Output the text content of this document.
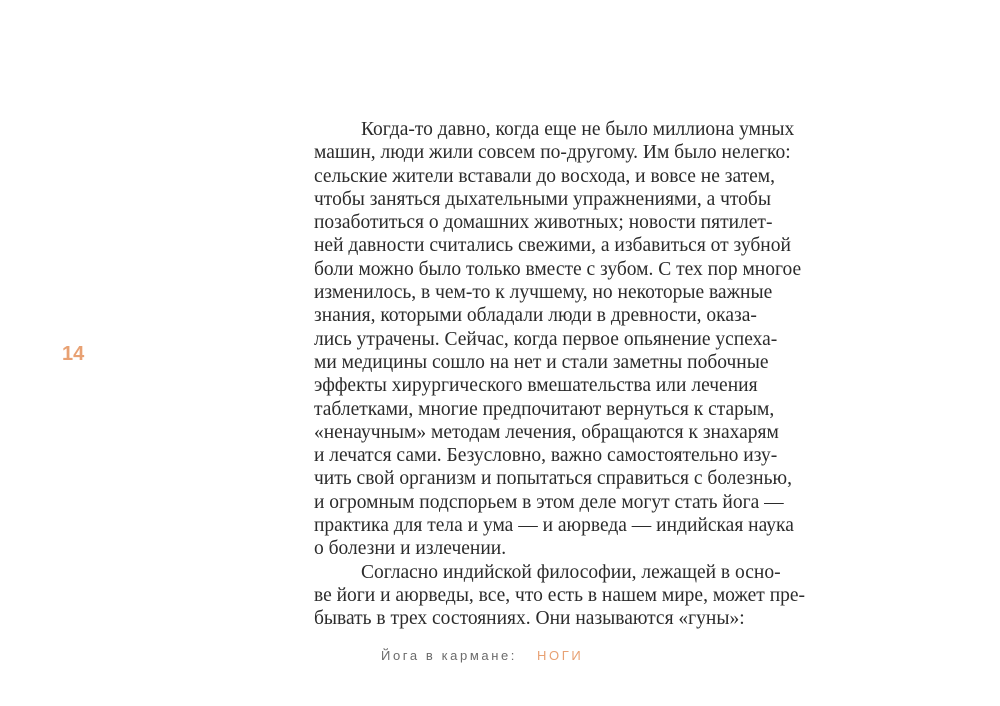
14
Когда-то давно, когда еще не было миллиона умных
машин, люди жили совсем по-другому. Им было нелегко:
сельские жители вставали до восхода, и вовсе не затем,
чтобы заняться дыхательными упражнениями, а чтобы
позаботиться о домашних животных; новости пятилет-
ней давности считались свежими, а избавиться от зубной
боли можно было только вместе с зубом. С тех пор многое
изменилось, в чем-то к лучшему, но некоторые важные
знания, которыми обладали люди в древности, оказа-
лись утрачены. Сейчас, когда первое опьянение успеха-
ми медицины сошло на нет и стали заметны побочные
эффекты хирургического вмешательства или лечения
таблетками, многие предпочитают вернуться к старым,
«ненаучным» методам лечения, обращаются к знахарям
и лечатся сами. Безусловно, важно самостоятельно изу-
чить свой организм и попытаться справиться с болезнью,
и огромным подспорьем в этом деле могут стать йога —
практика для тела и ума — и аюрведа — индийская наука
о болезни и излечении.
Согласно индийской философии, лежащей в осно-
ве йоги и аюрведы, все, что есть в нашем мире, может пре-
бывать в трех состояниях. Они называются «гуны»:
Йога в кармане: НОГИ
